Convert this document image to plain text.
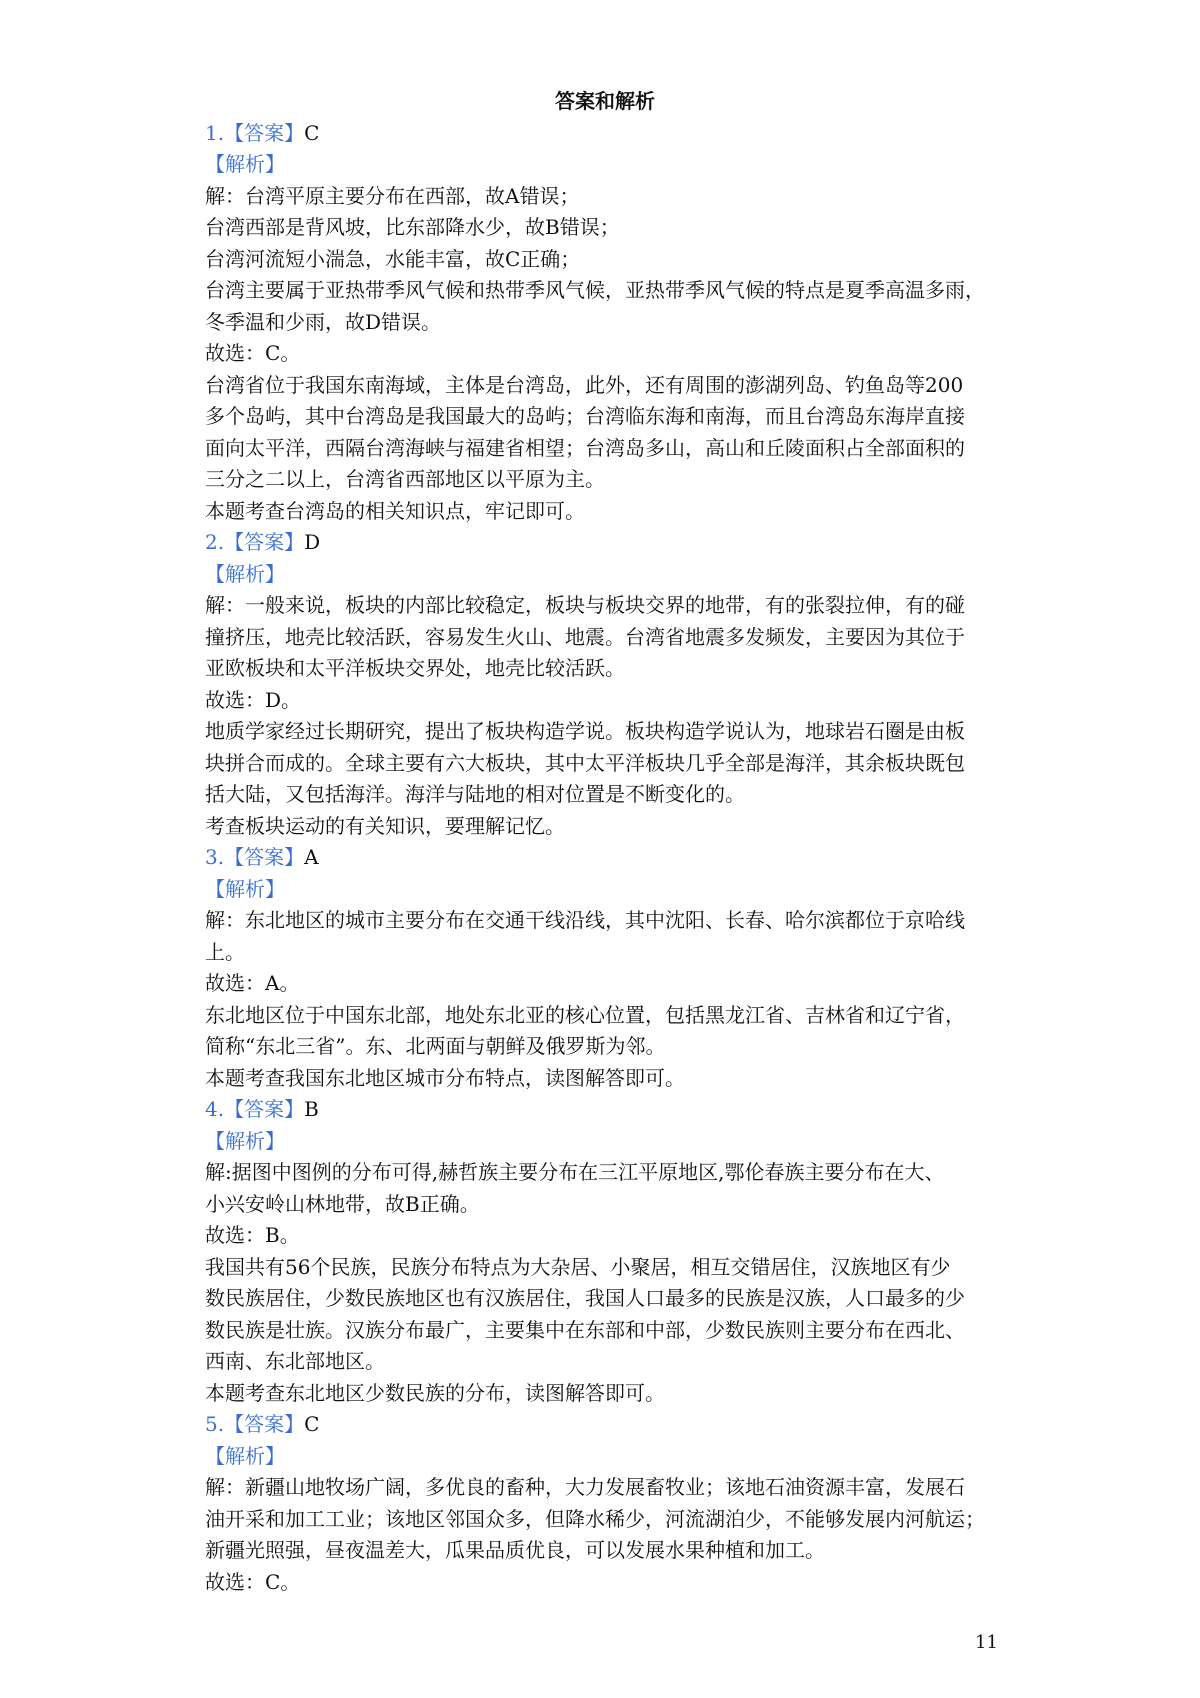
答案和解析

1.【答案】C

【解析】

解：台湾平原主要分布在西部，故A错误；

台湾西部是背风坡，比东部降水少，故B错误；

台湾河流短小湍急，水能丰富，故C正确；

台湾主要属于亚热带季风气候和热带季风气候，亚热带季风气候的特点是夏季高温多雨，

冬季温和少雨，故D错误。

故选：C。

台湾省位于我国东南海域，主体是台湾岛，此外，还有周围的澎湖列岛、钓鱼岛等200

多个岛屿，其中台湾岛是我国最大的岛屿；台湾临东海和南海，而且台湾岛东海岸直接

面向太平洋，西隔台湾海峡与福建省相望；台湾岛多山，高山和丘陵面积占全部面积的

三分之二以上，台湾省西部地区以平原为主。

本题考查台湾岛的相关知识点，牢记即可。

2.【答案】D

【解析】

解：一般来说，板块的内部比较稳定，板块与板块交界的地带，有的张裂拉伸，有的碰

撞挤压，地壳比较活跃，容易发生火山、地震。台湾省地震多发频发，主要因为其位于

亚欧板块和太平洋板块交界处，地壳比较活跃。

故选：D。

地质学家经过长期研究，提出了板块构造学说。板块构造学说认为，地球岩石圈是由板

块拼合而成的。全球主要有六大板块，其中太平洋板块几乎全部是海洋，其余板块既包

括大陆，又包括海洋。海洋与陆地的相对位置是不断变化的。

考查板块运动的有关知识，要理解记忆。

3.【答案】A

【解析】

解：东北地区的城市主要分布在交通干线沿线，其中沈阳、长春、哈尔滨都位于京哈线

上。

故选：A。

东北地区位于中国东北部，地处东北亚的核心位置，包括黑龙江省、吉林省和辽宁省，

简称“东北三省”。东、北两面与朝鲜及俄罗斯为邻。

本题考查我国东北地区城市分布特点，读图解答即可。

4.【答案】B

【解析】

解:据图中图例的分布可得,赫哲族主要分布在三江平原地区,鄂伦春族主要分布在大、

小兴安岭山林地带，故B正确。

故选：B。

我国共有56个民族，民族分布特点为大杂居、小聚居，相互交错居住，汉族地区有少

数民族居住，少数民族地区也有汉族居住，我国人口最多的民族是汉族，人口最多的少

数民族是壮族。汉族分布最广，主要集中在东部和中部，少数民族则主要分布在西北、

西南、东北部地区。

本题考查东北地区少数民族的分布，读图解答即可。

5.【答案】C

【解析】

解：新疆山地牧场广阔，多优良的畜种，大力发展畜牧业；该地石油资源丰富，发展石

油开采和加工工业；该地区邻国众多，但降水稀少，河流湖泊少，不能够发展内河航运；

新疆光照强，昼夜温差大，瓜果品质优良，可以发展水果种植和加工。

故选：C。

11
